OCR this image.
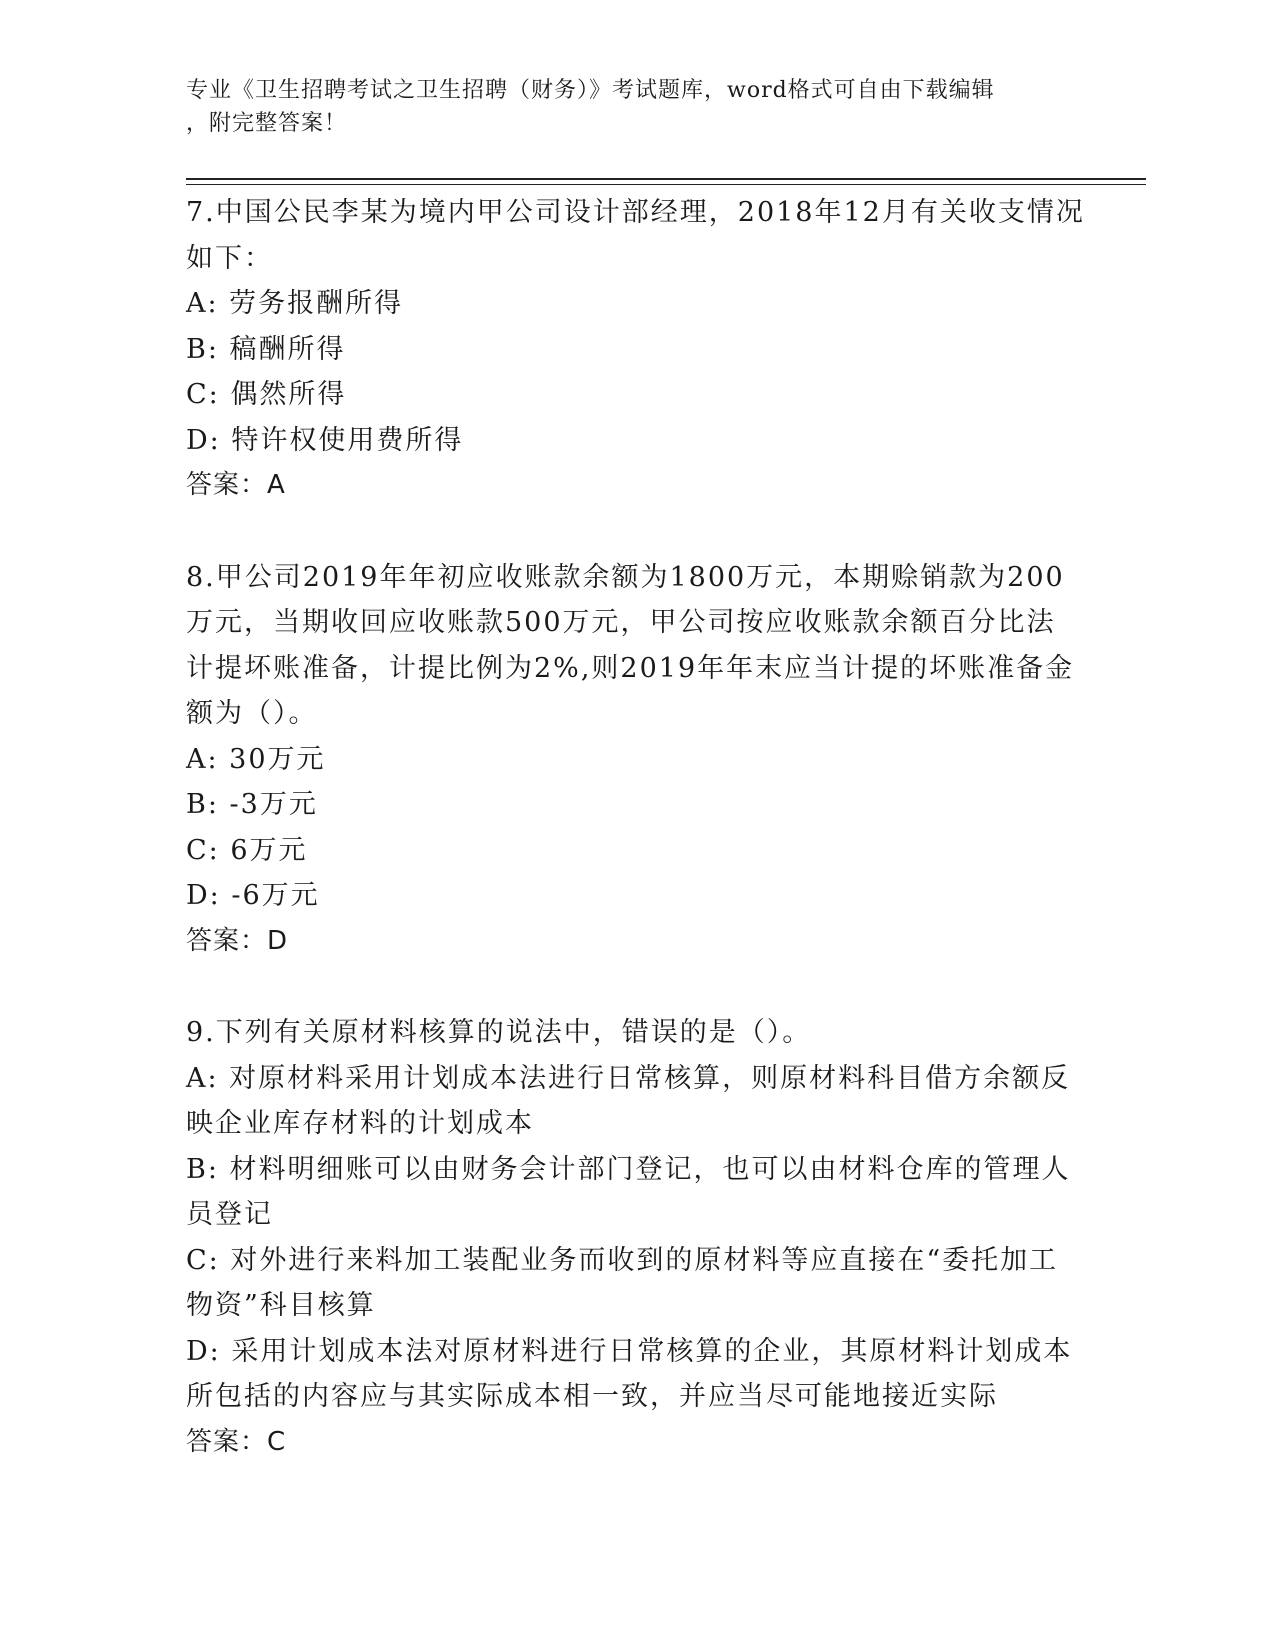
专业《卫生招聘考试之卫生招聘（财务）》考试题库，word格式可自由下载编辑
，附完整答案！
7.中国公民李某为境内甲公司设计部经理，2018年12月有关收支情况
如下：
A: 劳务报酬所得
B: 稿酬所得
C: 偶然所得
D: 特许权使用费所得
答案：A
8.甲公司2019年年初应收账款余额为1800万元，本期赊销款为200
万元，当期收回应收账款500万元，甲公司按应收账款余额百分比法
计提坏账准备，计提比例为2%,则2019年年末应当计提的坏账准备金
额为（）。
A: 30万元
B: -3万元
C: 6万元
D: -6万元
答案：D
9.下列有关原材料核算的说法中，错误的是（）。
A: 对原材料采用计划成本法进行日常核算，则原材料科目借方余额反
映企业库存材料的计划成本
B: 材料明细账可以由财务会计部门登记，也可以由材料仓库的管理人
员登记
C: 对外进行来料加工装配业务而收到的原材料等应直接在“委托加工
物资”科目核算
D: 采用计划成本法对原材料进行日常核算的企业，其原材料计划成本
所包括的内容应与其实际成本相一致，并应当尽可能地接近实际
答案：C
